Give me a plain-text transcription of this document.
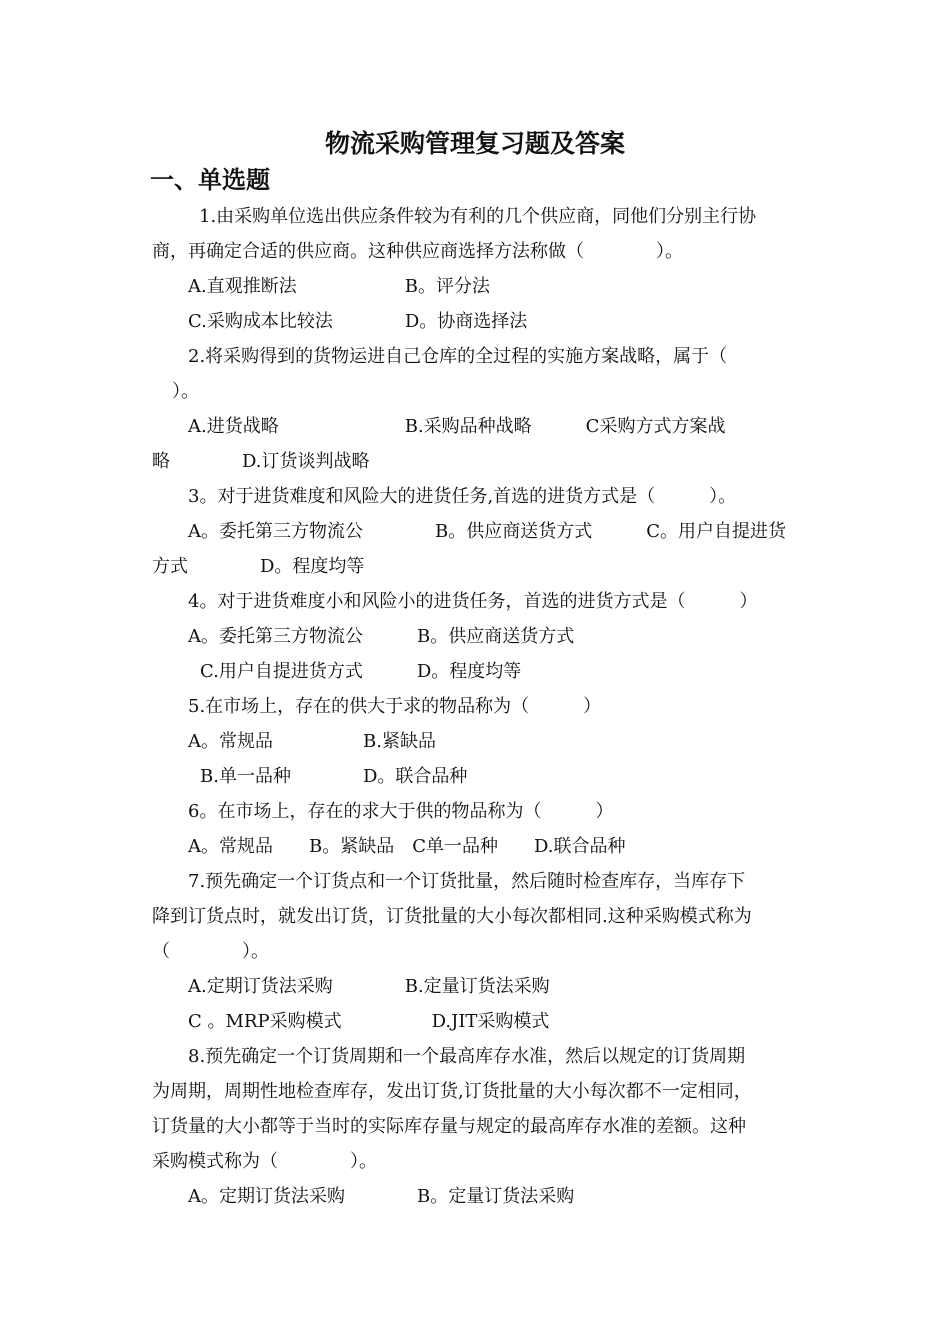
物流采购管理复习题及答案
一、单选题
1.由采购单位选出供应条件较为有利的几个供应商，同他们分别主行协
商，再确定合适的供应商。这种供应商选择方法称做（　　　　）。
A.直观推断法　　　　　　B。评分法
C.采购成本比较法　　　　D。协商选择法
2.将采购得到的货物运进自己仓库的全过程的实施方案战略，属于（
）。
A.进货战略　　　　　　　B.采购品种战略　　　C采购方式方案战
略　　　　D.订货谈判战略
3。对于进货难度和风险大的进货任务,首选的进货方式是（　　　）。
A。委托第三方物流公　　　　B。供应商送货方式　　　C。用户自提进货
方式　　　　D。程度均等
4。对于进货难度小和风险小的进货任务，首选的进货方式是（　　　）
A。委托第三方物流公　　　B。供应商送货方式
C.用户自提进货方式　　　D。程度均等
5.在市场上，存在的供大于求的物品称为（　　　）
A。常规品　　　　　B.紧缺品
B.单一品种　　　　D。联合品种
6。在市场上，存在的求大于供的物品称为（　　　）
A。常规品　　B。紧缺品　C单一品种　　D.联合品种
7.预先确定一个订货点和一个订货批量，然后随时检查库存，当库存下
降到订货点时，就发出订货，订货批量的大小每次都相同.这种采购模式称为
（　　　　）。
A.定期订货法采购　　　　B.定量订货法采购
C 。MRP采购模式　　　　　D.JIT采购模式
8.预先确定一个订货周期和一个最高库存水准，然后以规定的订货周期
为周期，周期性地检查库存，发出订货,订货批量的大小每次都不一定相同，
订货量的大小都等于当时的实际库存量与规定的最高库存水准的差额。这种
采购模式称为（　　　　）。
A。定期订货法采购　　　　B。定量订货法采购
